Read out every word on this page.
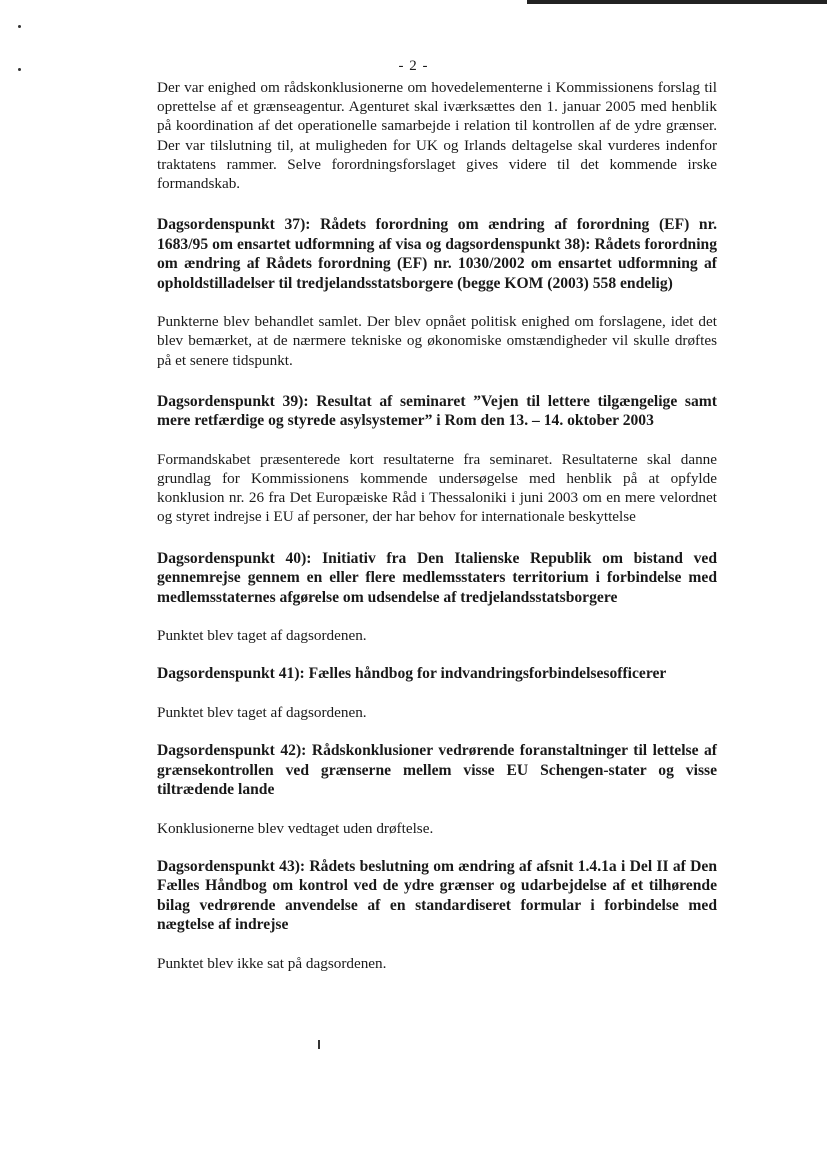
- 2 -

Der var enighed om rådskonklusionerne om hovedelementerne i Kommissionens forslag til oprettelse af et grænseagentur. Agenturet skal iværksættes den 1. januar 2005 med henblik på koordination af det operationelle samarbejde i relation til kontrollen af de ydre grænser. Der var tilslutning til, at muligheden for UK og Irlands deltagelse skal vurderes indenfor traktatens rammer. Selve forordningsforslaget gives videre til det kommende irske formandskab.

Dagsordenspunkt 37): Rådets forordning om ændring af forordning (EF) nr. 1683/95 om ensartet udformning af visa og dagsordenspunkt 38): Rådets forordning om ændring af Rådets forordning (EF) nr. 1030/2002 om ensartet udformning af opholdstilladelser til tredjelandsstatsborgere (begge KOM (2003) 558 endelig)

Punkterne blev behandlet samlet. Der blev opnået politisk enighed om forslagene, idet det blev bemærket, at de nærmere tekniske og økonomiske omstændigheder vil skulle drøftes på et senere tidspunkt.

Dagsordenspunkt 39): Resultat af seminaret ”Vejen til lettere tilgængelige samt mere retfærdige og styrede asylsystemer” i Rom den 13. – 14. oktober 2003

Formandskabet præsenterede kort resultaterne fra seminaret. Resultaterne skal danne grundlag for Kommissionens kommende undersøgelse med henblik på at opfylde konklusion nr. 26 fra Det Europæiske Råd i Thessaloniki i juni 2003 om en mere velordnet og styret indrejse i EU af personer, der har behov for internationale beskyttelse

Dagsordenspunkt 40): Initiativ fra Den Italienske Republik om bistand ved gennemrejse gennem en eller flere medlemsstaters territorium i forbindelse med medlemsstaternes afgørelse om udsendelse af tredjelandsstatsborgere

Punktet blev taget af dagsordenen.

Dagsordenspunkt 41): Fælles håndbog for indvandringsforbindelsesofficerer

Punktet blev taget af dagsordenen.

Dagsordenspunkt 42): Rådskonklusioner vedrørende foranstaltninger til lettelse af grænsekontrollen ved grænserne mellem visse EU Schengen-stater og visse tiltrædende lande

Konklusionerne blev vedtaget uden drøftelse.

Dagsordenspunkt 43): Rådets beslutning om ændring af afsnit 1.4.1a i Del II af Den Fælles Håndbog om kontrol ved de ydre grænser og udarbejdelse af et tilhørende bilag vedrørende anvendelse af en standardiseret formular i forbindelse med nægtelse af indrejse

Punktet blev ikke sat på dagsordenen.
